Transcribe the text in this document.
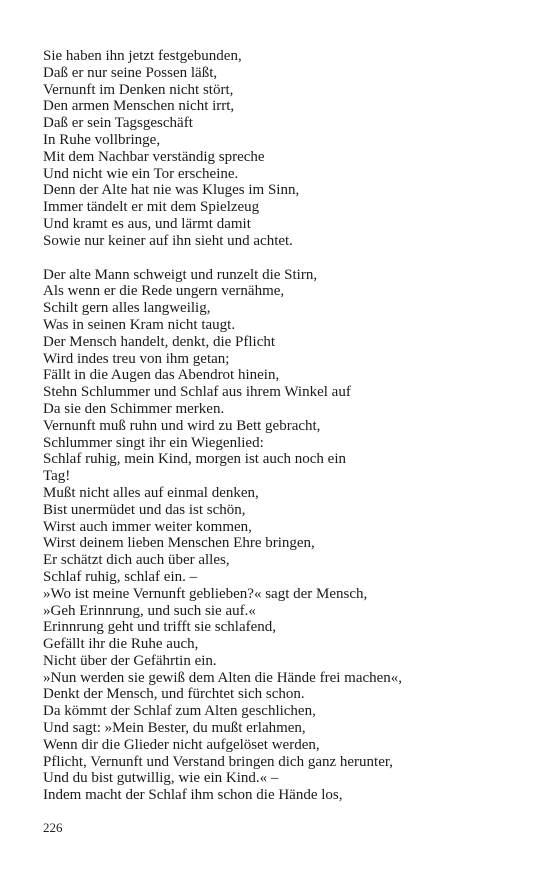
Sie haben ihn jetzt festgebunden,
Daß er nur seine Possen läßt,
Vernunft im Denken nicht stört,
Den armen Menschen nicht irrt,
Daß er sein Tagsgeschäft
In Ruhe vollbringe,
Mit dem Nachbar verständig spreche
Und nicht wie ein Tor erscheine.
Denn der Alte hat nie was Kluges im Sinn,
Immer tändelt er mit dem Spielzeug
Und kramt es aus, und lärmt damit
Sowie nur keiner auf ihn sieht und achtet.
Der alte Mann schweigt und runzelt die Stirn,
Als wenn er die Rede ungern vernähme,
Schilt gern alles langweilig,
Was in seinen Kram nicht taugt.
Der Mensch handelt, denkt, die Pflicht
Wird indes treu von ihm getan;
Fällt in die Augen das Abendrot hinein,
Stehn Schlummer und Schlaf aus ihrem Winkel auf
Da sie den Schimmer merken.
Vernunft muß ruhn und wird zu Bett gebracht,
Schlummer singt ihr ein Wiegenlied:
Schlaf ruhig, mein Kind, morgen ist auch noch ein
Tag!
Mußt nicht alles auf einmal denken,
Bist unermüdet und das ist schön,
Wirst auch immer weiter kommen,
Wirst deinem lieben Menschen Ehre bringen,
Er schätzt dich auch über alles,
Schlaf ruhig, schlaf ein. –
»Wo ist meine Vernunft geblieben?« sagt der Mensch,
»Geh Erinnrung, und such sie auf.«
Erinnrung geht und trifft sie schlafend,
Gefällt ihr die Ruhe auch,
Nicht über der Gefährtin ein.
»Nun werden sie gewiß dem Alten die Hände frei machen«,
Denkt der Mensch, und fürchtet sich schon.
Da kömmt der Schlaf zum Alten geschlichen,
Und sagt: »Mein Bester, du mußt erlahmen,
Wenn dir die Glieder nicht aufgelöset werden,
Pflicht, Vernunft und Verstand bringen dich ganz herunter,
Und du bist gutwillig, wie ein Kind.« –
Indem macht der Schlaf ihm schon die Hände los,
226
